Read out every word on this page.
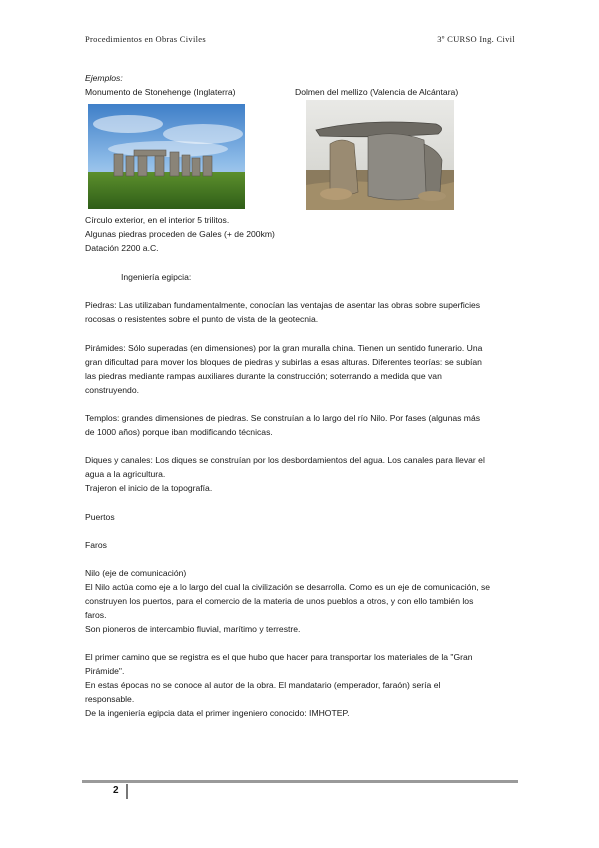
Procedimientos en Obras Civiles	3º CURSO Ing. Civil
Ejemplos:
Monumento de Stonehenge (Inglaterra)	Dolmen del mellizo (Valencia de Alcántara)
Círculo exterior, en el interior 5 trilitos.
Algunas piedras proceden de Gales (+ de 200km)
Datación 2200 a.C.
Ingeniería egipcia:
Piedras: Las utilizaban fundamentalmente, conocían las ventajas de asentar las obras sobre superficies
rocosas o resistentes sobre el punto de vista de la geotecnia.
Pirámides: Sólo superadas (en dimensiones) por la gran muralla china. Tienen un sentido funerario. Una
gran dificultad para mover los bloques de piedras y subirlas a esas alturas. Diferentes teorías: se subían
las piedras mediante rampas auxiliares durante la construcción; soterrando a medida que van
construyendo.
Templos: grandes dimensiones de piedras. Se construían a lo largo del río Nilo. Por fases (algunas más
de 1000 años) porque iban modificando técnicas.
Diques y canales: Los diques se construían por los desbordamientos del agua. Los canales para llevar el
agua a la agricultura.
Trajeron el inicio de la topografía.
Puertos
Faros
Nilo (eje de comunicación)
El Nilo actúa como eje a lo largo del cual la civilización se desarrolla. Como es un eje de comunicación, se
construyen los puertos, para el comercio de la materia de unos pueblos a otros, y con ello también los
faros.
Son pioneros de intercambio fluvial, marítimo y terrestre.
El primer camino que se registra es el que hubo que hacer para transportar los materiales de la "Gran
Pirámide".
En estas épocas no se conoce al autor de la obra. El mandatario (emperador, faraón) sería el
responsable.
De la ingeniería egipcia data el primer ingeniero conocido: IMHOTEP.
2
